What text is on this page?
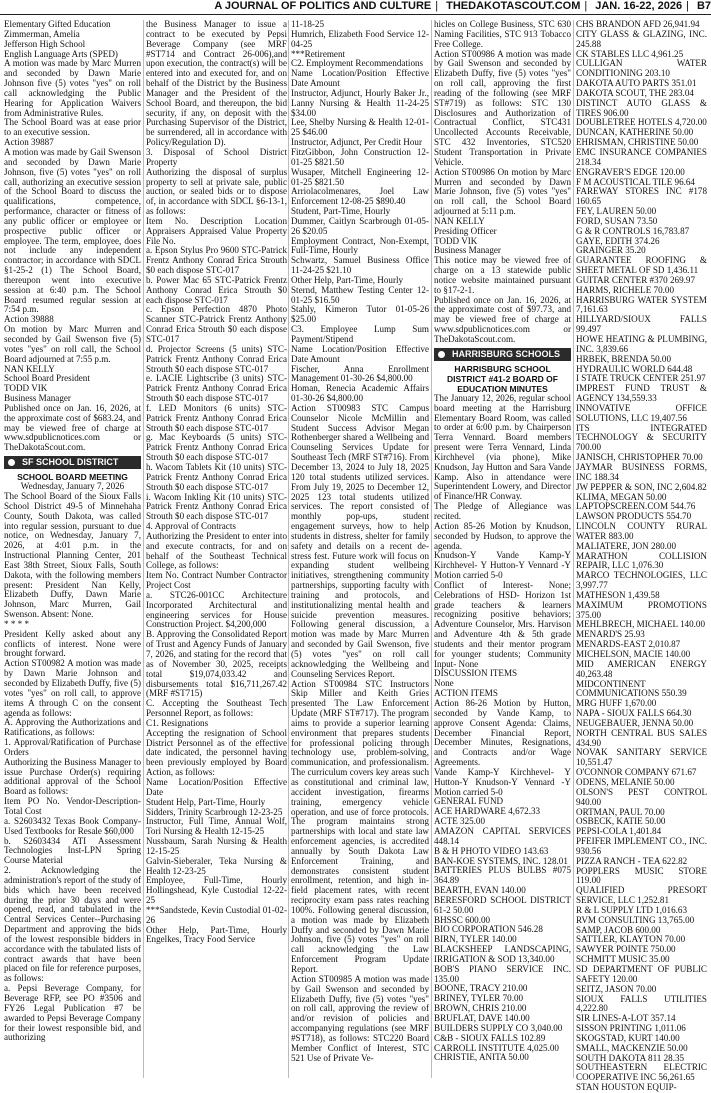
A JOURNAL OF POLITICS AND CULTURE | THEDAKOTASCOUT.COM | JAN. 16-22, 2026 | B7

Elementary Gifted Education

Zimmerman, Amelia

Jefferson High School

English Language Arts (SPED)

A motion was made by Marc Murren and seconded by Dawn Marie Johnson five (5) votes "yes" on roll call acknowledging the Public Hearing for Application Waivers from Administrative Rules.

The School Board was at ease prior to an executive session.

Action 39887

A motion was made by Gail Swenson and seconded by Dawn Marie Johnson, five (5) votes "yes" on roll call, authorizing an executive session of the School Board to discuss the qualifications, competence, performance, character or fitness of any public officer or employee or prospective public officer or employee. The term, employee, does not include any independent contractor; in accordance with SDCL §1-25-2 (1) The School Board, thereupon went into executive session at 6:40 p.m. The School Board resumed regular session at 7:54 p.m.

Action 39888

On motion by Marc Murren and seconded by Gail Swenson five (5) votes "yes" on roll call, the School Board adjourned at 7:55 p.m.

NAN KELLY

School Board President

TODD VIK

Business Manager

Published once on Jan. 16, 2026, at the approximate cost of $683.24, and may be viewed free of charge at www.sdpublicnotices.com or TheDakotaScout.com.

SF SCHOOL DISTRICT
SCHOOL BOARD MEETING
Wednesday, January 7, 2026

The School Board of the Sioux Falls School District 49-5 of Minnehaha County, South Dakota, was called into regular session, pursuant to due notice, on Wednesday, January 7, 2026, at 4:01 p.m. in the Instructional Planning Center, 201 East 38th Street, Sioux Falls, South Dakota, with the following members present: President Nan Kelly, Elizabeth Duffy, Dawn Marie Johnson, Marc Murren, Gail Swenson. Absent: None.

* * * *

President Kelly asked about any conflicts of interest. None were brought forward.

Action ST00982 A motion was made by Dawn Marie Johnson and seconded by Elizabeth Duffy, five (5) votes "yes" on roll call, to approve items A through C on the consent agenda as follows:

A. Approving the Authorizations and Ratifications, as follows:

1. Approval/Ratification of Purchase Orders

Authorizing the Business Manager to issue Purchase Order(s) requiring additional approval of the School Board as follows:

Item PO No. Vendor-Description-Total Cost

a. S2603432 Texas Book Company-Used Textbooks for Resale $60,000

b. S2603434 ATI Assessment Technologies Inst-LPN Spring Course Material

2. Acknowledging the administration's report of the study of bids which have been received during the prior 30 days and were opened, read, and tabulated in the Central Services Center--Purchasing Department and approving the bids of the lowest responsible bidders in accordance with the tabulated lists of contract awards that have been placed on file for reference purposes, as follows:

a. Pepsi Beverage Company, for Beverage RFP, see PO #3506 and FY26 Legal Publication #7 be awarded to Pepsi Beverage Company for their lowest responsible bid, and authorizing

the Business Manager to issue a contract to be executed by Pepsi Beverage Company (see MRF #ST714 and Contract 26-006),and upon execution, the contract(s) will be entered into and executed for, and on behalf of the District by the Business Manager and the President of the School Board, and thereupon, the bid security, if any, on deposit with the Purchasing Supervisor of the District, be surrendered, all in accordance with Policy/Regulation D).

3. Disposal of School District Property

Authorizing the disposal of surplus property to sell at private sale, public auction, or sealed bids or to dispose of, in accordance with SDCL §6-13-1, as follows:

Item No. Description Location Appraisers Appraised Value Property File No.

a. Epson Stylus Pro 9600 STC-Patrick Frentz Anthony Conrad Erica Strouth $0 each dispose STC-017

b. Power Mac 65 STC-Patrick Frentz Anthony Conrad Erica Strouth $0 each dispose STC-017

c. Epson Perfection 4870 Photo Scanner STC-Patrick Frentz Anthony Conrad Erica Strouth $0 each dispose STC-017

d. Projector Screens (5 units) STC-Patrick Frentz Anthony Conrad Erica Strouth $0 each dispose STC-017

e. LACIE Lightscribe (3 units) STC-Patrick Frentz Anthony Conrad Erica Strouth $0 each dispose STC-017

f. LED Monitors (6 units) STC-Patrick Frentz Anthony Conrad Erica Strouth $0 each dispose STC-017

g. Mac Keyboards (5 units) STC-Patrick Frentz Anthony Conrad Erica Strouth $0 each dispose STC-017

h. Wacom Tablets Kit (10 units) STC-Patrick Frentz Anthony Conrad Erica Strouth $0 each dispose STC-017

i. Wacom Inkling Kit (10 units) STC-Patrick Frentz Anthony Conrad Erica Strouth $0 each dispose STC-017

4. Approval of Contracts

Authorizing the President to enter into and execute contracts, for and on behalf of the Southeast Technical College, as follows:

Item No. Contract Number Contractor Project Cost

a. STC26-001CC Architecture Incorporated Architectural and engineering services for House Construction Project. $4,200,000

B. Approving the Consolidated Report of Trust and Agency Funds of January 7, 2026, and stating for the record that as of November 30, 2025, receipts total $19,074,033.42 and disbursements total $16,711,267.42 (MRF #ST715)

C. Accepting the Southeast Tech Personnel Report, as follows:

C1. Resignations

Accepting the resignation of School District Personnel as of the effective date indicated, the personnel having been previously employed by Board Action, as follows:

Name Location/Position Effective Date

Student Help, Part-Time, Hourly

Sidders, Trinity Scarbrough 12-23-25

Instructor, Full Time, Annual Wolf, Tori Nursing & Health 12-15-25

Nussbaum, Sarah Nursing & Health 12-15-25

Galvin-Sieberaler, Teka Nursing & Health 12-23-25

Employee, Full-Time, Hourly Hollingshead, Kyle Custodial 12-22-25

***Sandstede, Kevin Custodial 01-02-26

Other Help, Part-Time, Hourly Engelkes, Tracy Food Service

11-18-25

Humrich, Elizabeth Food Service 12-04-25

***Retirement

C2. Employment Recommendations

Name Location/Position Effective Date Amount

Instructor, Adjunct, Hourly Baker Jr., Lanny Nursing & Health 11-24-25 $34.00

Lee, Shelby Nursing & Health 12-01-25 $46.00

Instructor, Adjunct, Per Credit Hour

FitzGibbon, John Construction 12-01-25 $821.50

Wusaper, Mitchell Engineering 12-01-25 $821.50

Arriolacolmenares, Joel Law Enforcement 12-08-25 $890.40

Student, Part-Time, Hourly

Dummer, Caitlyn Scarbrough 01-05-26 $20.05

Employment Contract, Non-Exempt, Full-Time, Hourly

Schwartz, Samuel Business Office 11-24-25 $21.10

Other Help, Part-Time, Hourly

Sternd, Matthew Testing Center 12-01-25 $16.50

Stahly, Kimeron Tutor 01-05-26 $25.00

C3. Employee Lump Sum Payment/Stipend

Name Location/Position Effective Date Amount

Fischer, Anna Enrollment Management 01-30-26 $4,800.00

Homan, Renecia Academic Affairs 01-30-26 $4,800.00

Action ST00983 STC Campus Counselor Nicole McMillin and Student Success Advisor Megan Rothenberger shared a Wellbeing and Counseling Services Update for Southeast Tech (MRF ST#716). From December 13, 2024 to July 18, 2025 120 total students utilized services. From July 19, 2025 to December 12, 2025 123 total students utilized services. The report consisted of monthly pop-ups, student engagement surveys, how to help students in distress, shelter for family safety and details on a recent de-stress fest. Future work will focus on expanding student wellbeing initiatives, strengthening community partnerships, supporting faculty with training and protocols, and institutionalizing mental health and suicide prevention measures. Following general discussion, a motion was made by Marc Murren and seconded by Gail Swenson, five (5) votes "yes" on roll call acknowledging the Wellbeing and Counseling Services Report.

Action ST00984 STC Instructors Skip Miller and Keith Gries presented The Law Enforcement Update (MRF ST#717). The program aims to provide a superior learning environment that prepares students for professional policing through technology use, problem-solving, communication, and professionalism. The curriculum covers key areas such as constitutional and criminal law, accident investigation, firearms training, emergency vehicle operation, and use of force protocols. The program maintains strong partnerships with local and state law enforcement agencies, is accredited annually by South Dakota Law Enforcement Training, and demonstrates consistent student enrollment, retention, and high in-field placement rates, with recent reciprocity exam pass rates reaching 100%. Following general discussion, a motion was made by Elizabeth Duffy and seconded by Dawn Marie Johnson, five (5) votes "yes" on roll call acknowledging the Law Enforcement Program Update Report.

Action ST00985 A motion was made by Gail Swenson and seconded by Elizabeth Duffy, five (5) votes "yes" on roll call, approving the review of and/or revision of policies and accompanying regulations (see MRF #ST718), as follows: STC220 Board Member Conflict of Interest, STC 521 Use of Private Ve-

hicles on College Business, STC 630 Naming Facilities, STC 913 Tobacco Free College.

Action ST00986 A motion was made by Gail Swenson and seconded by Elizabeth Duffy, five (5) votes "yes" on roll call, approving the first reading of the following (see MRF ST#719) as follows: STC 130 Disclosures and Authorization of Contractual Conflict, STC431 Uncollected Accounts Receivable, STC 432 Inventories, STC520 Student Transportation in Private Vehicle.

Action ST00986 On motion by Marc Murren and seconded by Dawn Marie Johnson, five (5) votes "yes" on roll call, the School Board adjourned at 5:11 p.m.

NAN KELLY

Presiding Officer

TODD VIK

Business Manager

This notice may be viewed free of charge on a 13 statewide public notice website maintained pursuant to §17-2-1.

Published once on Jan. 16, 2026, at the approximate cost of $97.73, and may be viewed free of charge at www.sdpublicnotices.com or TheDakotaScout.com.

HARRISBURG SCHOOLS
HARRISBURG SCHOOL DISTRICT #41-2 BOARD OF EDUCATION MINUTES

The January 12, 2026, regular school board meeting at the Harrisburg Elementary Board Room, was called to order at 6:00 p.m. by Chairperson Terra Vennard. Board members present were Terra Vennard, Linda Kirchhevel (via phone), Mike Knudson, Jay Hutton and Sara Vande Kamp. Also in attendance were Superintendent Lowery, and Director of Finance/HR Conway.

The Pledge of Allegiance was recited.

Action 85-26 Motion by Knudson, seconded by Hudson, to approve the agenda.

Knudson-Y Vande Kamp-Y Kirchhevel- Y Hutton-Y Vennard -Y Motion carried 5-0

Conflict of Interest- None; Celebrations of HSD- Horizon 1st grade teachers & learners recognizing positive behaviors; Adventure Counselor, Mrs. Harvison and Adventure 4th & 5th grade students and their mentor program for younger students; Community Input- None

DISCUSSION ITEMS

None

ACTION ITEMS

Action 86-26 Motion by Hutton, seconded by Vande Kamp, to approve Consent Agenda: Claims, December Financial Report, December Minutes, Resignations, and Contracts and/or Wage Agreements.

Vande Kamp-Y Kirchhevel- Y Hutton-Y Knudson-Y Vennard -Y Motion carried 5-0

GENERAL FUND

ACE HARDWARE 4,672.33

ACTE 325.00

AMAZON CAPITAL SERVICES 448.14

B & H PHOTO VIDEO 143.63

BAN-KOE SYSTEMS, INC. 128.01

BATTERIES PLUS BULBS #075 364.89

BEARTH, EVAN 140.00

BERESFORD SCHOOL DISTRICT 61-2 50.00

BHSSC 600.00

BIO CORPORATION 546.28

BIRN, TYLER 140.00

BLACKSHEEP LANDSCAPING, IRRIGATION & SOD 13,340.00

BOB'S PIANO SERVICE INC. 135.00

BOONE, TRACY 210.00

BRINEY, TYLER 70.00

BROWN, CHRIS 210.00

BRUFLAT, DAVE 140.00

BUILDERS SUPPLY CO 3,040.00

C&B - SIOUX FALLS 102.89

CARROLL INSTITUTE 4,025.00

CHRISTIE, ANITA 50.00

CHS BRANDON AFD 26,941.94

CITY GLASS & GLAZING, INC. 245.88

CK STABLES LLC 4,961.25

CULLIGAN WATER CONDITIONING 203.10

DAKOTA AUTO PARTS 351.01

DAKOTA SCOUT, THE 283.04

DISTINCT AUTO GLASS & TIRES 906.00

DOUBLETREE HOTELS 4,720.00

DUNCAN, KATHERINE 50.00

EHRISMAN, CHRISTINE 50.00

EMC INSURANCE COMPANIES 218.34

ENGRAVER'S EDGE 120.00

F M ACOUSTICAL TILE 96.64

FAREWAY STORES INC #178 160.65

FEY, LAUREN 50.00

FORD, SUSAN 73.50

G & R CONTROLS 16,783.87

GAYE, EDITH 374.26

GRAINGER 35.20

GUARANTEE ROOFING & SHEET METAL OF SD 1,436.11

GUITAR CENTER #370 269.97

HARMS, RICHELE 70.00

HARRISBURG WATER SYSTEM 7,161.63

HILLYARD/SIOUX FALLS 99.497

HOWE HEATING & PLUMBING, INC. 3,839.66

HRBEK, BRENDA 50.00

HYDRAULIC WORLD 644.48

I STATE TRUCK CENTER 251.97

IMPREST FUND TRUST & AGENCY 134,559.33

INNOVATIVE OFFICE SOLUTIONS, LLC 19,407.56

ITS INTEGRATED TECHNOLOGY & SECURITY 700.00

JANISCH, CHRISTOPHER 70.00

JAYMAR BUSINESS FORMS, INC 188.34

JW PEPPER & SON, INC 2,604.82

KLIMA, MEGAN 50.00

LAPTOPSCREEN.COM 544.76

LAWSON PRODUCTS 554.70

LINCOLN COUNTY RURAL WATER 883.00

MALIATERE, JON 280.00

MARATHON COLLISION REPAIR, LLC 1,076.30

MARCO TECHNOLOGIES, LLC 3,997.77

MATHESON 1,439.58

MAXIMUM PROMOTIONS 375.00

MEHLBRECH, MICHAEL 140.00

MENARD'S 25.93

MENARDS-EAST 2,010.87

MICHELSON, MACIE 140.00

MID AMERICAN ENERGY 40,263.48

MIDCONTINENT COMMUNICATIONS 550.39

MRG HUFF 1,670.00

NAPA - SIOUX FALLS 664.30

NEUGEBAUER, JENNA 50.00

NORTH CENTRAL BUS SALES 434.90

NOVAK SANITARY SERVICE 10,551.47

O'CONNOR COMPANY 671.67

ODENS, MELANIE 50.00

OLSON'S PEST CONTROL 940.00

ORTMAN, PAUL 70.00

OSBECK, KATIE 50.00

PEPSI-COLA 1,401.84

PFEIFER IMPLEMENT CO., INC. 930.56

PIZZA RANCH - TEA 622.82

POPPLERS MUSIC STORE 119.00

QUALIFIED PRESORT SERVICE, LLC 1,252.81

R & L SUPPLY LTD 1,016.63

RVM CONSULTING 13,765.00

SAMP, JACOB 600.00

SATTLER, KLAYTON 70.00

SAWYER POINTE 750.00

SCHMITT MUSIC 35.00

SD DEPARTMENT OF PUBLIC SAFETY 120.00

SEITZ, JASON 70.00

SIOUX FALLS UTILITIES 4,222.80

SIR LINES-A-LOT 357.14

SISSON PRINTING 1,011.06

SKOGSTAD, KURT 140.00

SMALL, MACKENZIE 50.00

SOUTH DAKOTA 811 28.35

SOUTHEASTERN ELECTRIC COOPERATIVE INC 56,261.65

STAN HOUSTON EQUIP-
